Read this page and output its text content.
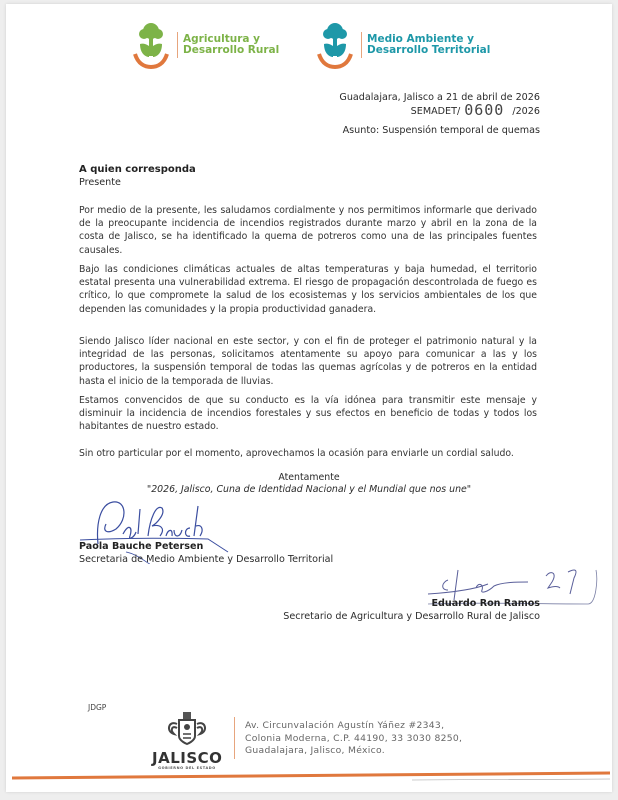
Agricultura y
Desarrollo Rural
Medio Ambiente y
Desarrollo Territorial
Guadalajara, Jalisco a 21 de abril de 2026
SEMADET/ 0600 /2026
Asunto: Suspensión temporal de quemas
A quien corresponda
Presente

Por medio de la presente, les saludamos cordialmente y nos permitimos informarle que derivado de la preocupante incidencia de incendios registrados durante marzo y abril en la zona de la costa de Jalisco, se ha identificado la quema de potreros como una de las principales fuentes causales.

Bajo las condiciones climáticas actuales de altas temperaturas y baja humedad, el territorio estatal presenta una vulnerabilidad extrema. El riesgo de propagación descontrolada de fuego es crítico, lo que compromete la salud de los ecosistemas y los servicios ambientales de los que dependen las comunidades y la propia productividad ganadera.

Siendo Jalisco líder nacional en este sector, y con el fin de proteger el patrimonio natural y la integridad de las personas, solicitamos atentamente su apoyo para comunicar a las y los productores, la suspensión temporal de todas las quemas agrícolas y de potreros en la entidad hasta el inicio de la temporada de lluvias.

Estamos convencidos de que su conducto es la vía idónea para transmitir este mensaje y disminuir la incidencia de incendios forestales y sus efectos en beneficio de todas y todos los habitantes de nuestro estado.

Sin otro particular por el momento, aprovechamos la ocasión para enviarle un cordial saludo.

Atentamente
"2026, Jalisco, Cuna de Identidad Nacional y el Mundial que nos une"
Paola Bauche Petersen
Secretaria de Medio Ambiente y Desarrollo Territorial
Eduardo Ron Ramos
Secretario de Agricultura y Desarrollo Rural de Jalisco
JDGP
JALISCO
GOBIERNO DEL ESTADO
Av. Circunvalación Agustín Yáñez #2343,
Colonia Moderna, C.P. 44190, 33 3030 8250,
Guadalajara, Jalisco, México.
